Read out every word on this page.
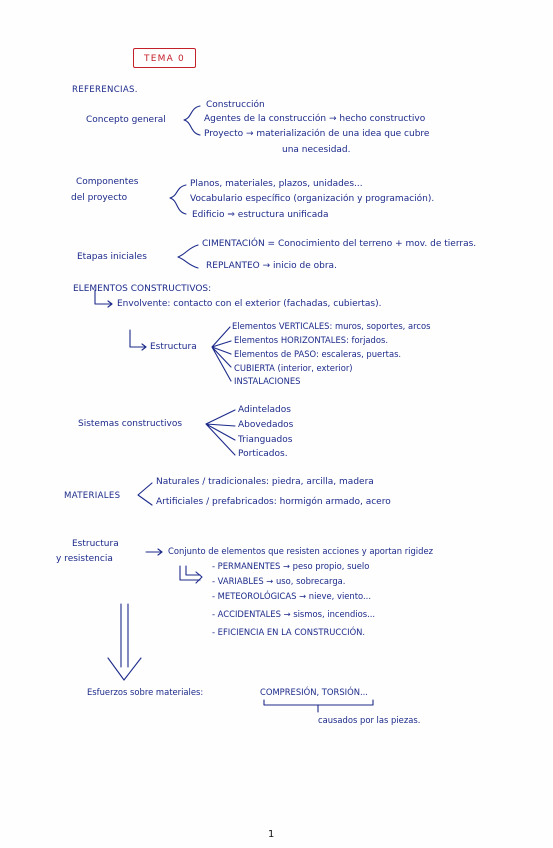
TEMA 0
REFERENCIAS.
Concepto general
Construcción
Agentes de la construcción → hecho constructivo
Proyecto → materialización de una idea que cubre
una necesidad.
Componentes
del proyecto
Planos, materiales, plazos, unidades...
Vocabulario específico (organización y programación).
Edificio ⇒ estructura unificada
Etapas iniciales
CIMENTACIÓN = Conocimiento del terreno + mov. de tierras.
REPLANTEO → inicio de obra.
ELEMENTOS CONSTRUCTIVOS:
Envolvente: contacto con el exterior (fachadas, cubiertas).
Estructura
Elementos VERTICALES: muros, soportes, arcos
Elementos HORIZONTALES: forjados.
Elementos de PASO: escaleras, puertas.
CUBIERTA (interior, exterior)
INSTALACIONES
Sistemas constructivos
Adintelados
Abovedados
Trianguados
Porticados.
MATERIALES
Naturales / tradicionales: piedra, arcilla, madera
Artificiales / prefabricados: hormigón armado, acero
Estructura
y resistencia
Conjunto de elementos que resisten acciones y aportan rigidez
- PERMANENTES → peso propio, suelo
- VARIABLES → uso, sobrecarga.
- METEOROLÓGICAS → nieve, viento...
- ACCIDENTALES → sismos, incendios...
- EFICIENCIA EN LA CONSTRUCCIÓN.
Esfuerzos sobre materiales:	COMPRESIÓN, TORSIÓN...
causados por las piezas.
1
